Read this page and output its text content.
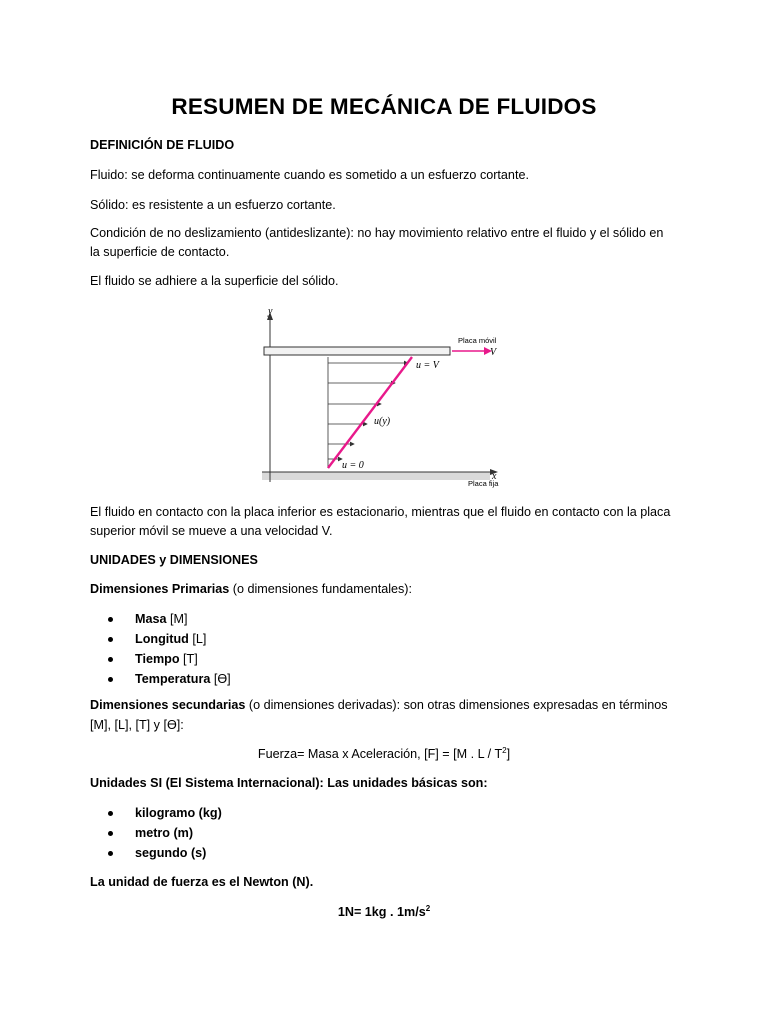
RESUMEN DE MECÁNICA DE FLUIDOS
DEFINICIÓN DE FLUIDO
Fluido: se deforma continuamente cuando es sometido a un esfuerzo cortante.
Sólido: es resistente a un esfuerzo cortante.
Condición de no deslizamiento (antideslizante): no hay movimiento relativo entre el fluido y el sólido en
la superficie de contacto.
El fluido se adhiere a la superficie del sólido.
y
x
Placa móvil
V
u = V
u(y)
u = 0
Placa fija
El fluido en contacto con la placa inferior es estacionario, mientras que el fluido en contacto con la placa
superior móvil se mueve a una velocidad V.
UNIDADES y DIMENSIONES
Dimensiones Primarias (o dimensiones fundamentales):
Masa [M]
Longitud [L]
Tiempo [T]
Temperatura [ϴ]
Dimensiones secundarias (o dimensiones derivadas): son otras dimensiones expresadas en términos
[M], [L], [T] y [ϴ]:
Fuerza= Masa x Aceleración, [F] = [M . L / $T^2$]
Unidades SI (El Sistema Internacional): Las unidades básicas son:
kilogramo (kg)
metro (m)
segundo (s)
La unidad de fuerza es el Newton (N).
1N= 1kg . $1m/s^2$
